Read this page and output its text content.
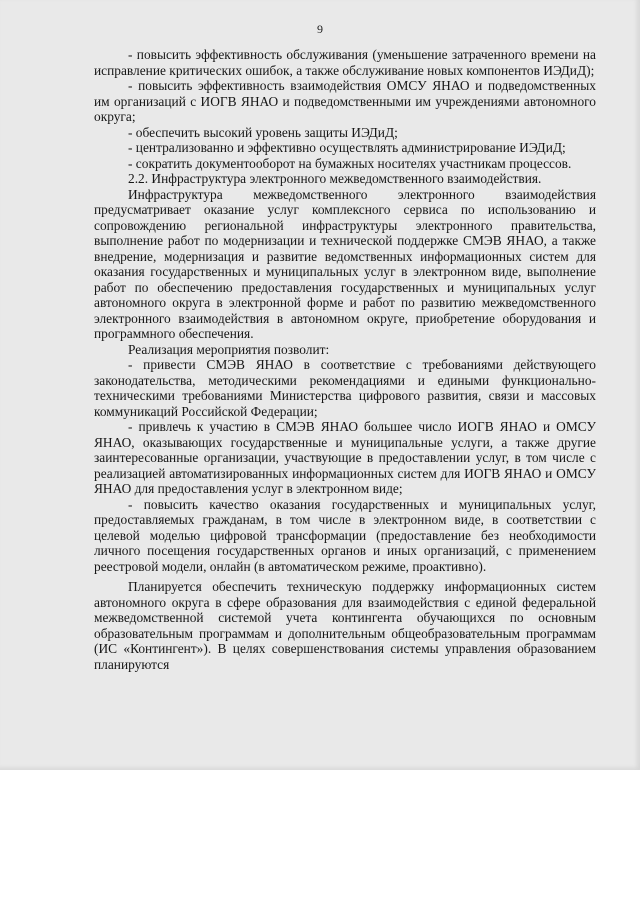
9

- повысить эффективность обслуживания (уменьшение затраченного времени на исправление критических ошибок, а также обслуживание новых компонентов ИЭДиД);

- повысить эффективность взаимодействия ОМСУ ЯНАО и подведомственных им организаций с ИОГВ ЯНАО и подведомственными им учреждениями автономного округа;

- обеспечить высокий уровень защиты ИЭДиД;

- централизованно и эффективно осуществлять администрирование ИЭДиД;

- сократить документооборот на бумажных носителях участникам процессов.

2.2. Инфраструктура электронного межведомственного взаимодействия.

Инфраструктура межведомственного электронного взаимодействия предусматривает оказание услуг комплексного сервиса по использованию и сопровождению региональной инфраструктуры электронного правительства, выполнение работ по модернизации и технической поддержке СМЭВ ЯНАО, а также внедрение, модернизация и развитие ведомственных информационных систем для оказания государственных и муниципальных услуг в электронном виде, выполнение работ по обеспечению предоставления государственных и муниципальных услуг автономного округа в электронной форме и работ по развитию межведомственного электронного взаимодействия в автономном округе, приобретение оборудования и программного обеспечения.

Реализация мероприятия позволит:

- привести СМЭВ ЯНАО в соответствие с требованиями действующего законодательства, методическими рекомендациями и едиными функционально-техническими требованиями Министерства цифрового развития, связи и массовых коммуникаций Российской Федерации;

- привлечь к участию в СМЭВ ЯНАО большее число ИОГВ ЯНАО и ОМСУ ЯНАО, оказывающих государственные и муниципальные услуги, а также другие заинтересованные организации, участвующие в предоставлении услуг, в том числе с реализацией автоматизированных информационных систем для ИОГВ ЯНАО и ОМСУ ЯНАО для предоставления услуг в электронном виде;

- повысить качество оказания государственных и муниципальных услуг, предоставляемых гражданам, в том числе в электронном виде, в соответствии с целевой моделью цифровой трансформации (предоставление без необходимости личного посещения государственных органов и иных организаций, с применением реестровой модели, онлайн (в автоматическом режиме, проактивно).

Планируется обеспечить техническую поддержку информационных систем автономного округа в сфере образования для взаимодействия с единой федеральной межведомственной системой учета контингента обучающихся по основным образовательным программам и дополнительным общеобразовательным программам (ИС «Контингент»). В целях совершенствования системы управления образованием планируются
